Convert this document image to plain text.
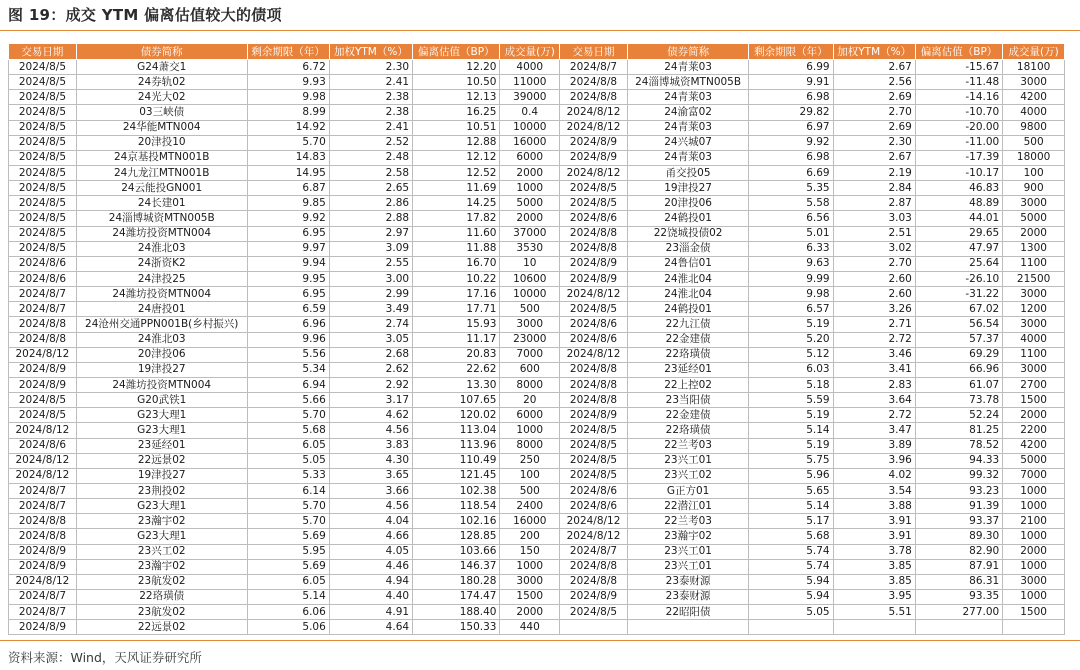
图 19：成交 YTM 偏离估值较大的债项
交易日期	债券简称	剩余期限（年）	加权YTM（%）	偏离估值（BP）	成交量(万)	交易日期	债券简称	剩余期限（年）	加权YTM（%）	偏离估值（BP）	成交量(万)
2024/8/5	G24萧交1	6.72	2.30	12.20	4000	2024/8/7	24青莱03	6.99	2.67	-15.67	18100
2024/8/5	24券轨02	9.93	2.41	10.50	11000	2024/8/8	24淄博城资MTN005B	9.91	2.56	-11.48	3000
2024/8/5	24光大02	9.98	2.38	12.13	39000	2024/8/8	24青莱03	6.98	2.69	-14.16	4200
2024/8/5	03三峡债	8.99	2.38	16.25	0.4	2024/8/12	24渝富02	29.82	2.70	-10.70	4000
2024/8/5	24华能MTN004	14.92	2.41	10.51	10000	2024/8/12	24青莱03	6.97	2.69	-20.00	9800
2024/8/5	20津投10	5.70	2.52	12.88	16000	2024/8/9	24兴城07	9.92	2.30	-11.00	500
2024/8/5	24京基投MTN001B	14.83	2.48	12.12	6000	2024/8/9	24青莱03	6.98	2.67	-17.39	18000
2024/8/5	24九龙江MTN001B	14.95	2.58	12.52	2000	2024/8/12	甬交投05	6.69	2.19	-10.17	100
2024/8/5	24云能投GN001	6.87	2.65	11.69	1000	2024/8/5	19津投27	5.35	2.84	46.83	900
2024/8/5	24长建01	9.85	2.86	14.25	5000	2024/8/5	20津投06	5.58	2.87	48.89	3000
2024/8/5	24淄博城资MTN005B	9.92	2.88	17.82	2000	2024/8/6	24鹤投01	6.56	3.03	44.01	5000
2024/8/5	24潍坊投资MTN004	6.95	2.97	11.60	37000	2024/8/8	22饶城投债02	5.01	2.51	29.65	2000
2024/8/5	24淮北03	9.97	3.09	11.88	3530	2024/8/8	23淄金债	6.33	3.02	47.97	1300
2024/8/6	24浙资K2	9.94	2.55	16.70	10	2024/8/9	24鲁信01	9.63	2.70	25.64	1100
2024/8/6	24津投25	9.95	3.00	10.22	10600	2024/8/9	24淮北04	9.99	2.60	-26.10	21500
2024/8/7	24潍坊投资MTN004	6.95	2.99	17.16	10000	2024/8/12	24淮北04	9.98	2.60	-31.22	3000
2024/8/7	24唐投01	6.59	3.49	17.71	500	2024/8/5	24鹤投01	6.57	3.26	67.02	1200
2024/8/8	24沧州交通PPN001B(乡村振兴)	6.96	2.74	15.93	3000	2024/8/6	22九江债	5.19	2.71	56.54	3000
2024/8/8	24淮北03	9.96	3.05	11.17	23000	2024/8/6	22金建债	5.20	2.72	57.37	4000
2024/8/12	20津投06	5.56	2.68	20.83	7000	2024/8/12	22珞璜债	5.12	3.46	69.29	1100
2024/8/9	19津投27	5.34	2.62	22.62	600	2024/8/8	23延经01	6.03	3.41	66.96	3000
2024/8/9	24潍坊投资MTN004	6.94	2.92	13.30	8000	2024/8/8	22上控02	5.18	2.83	61.07	2700
2024/8/5	G20武铁1	5.66	3.17	107.65	20	2024/8/8	23当阳债	5.59	3.64	73.78	1500
2024/8/5	G23大理1	5.70	4.62	120.02	6000	2024/8/9	22金建债	5.19	2.72	52.24	2000
2024/8/12	G23大理1	5.68	4.56	113.04	1000	2024/8/5	22珞璜债	5.14	3.47	81.25	2200
2024/8/6	23延经01	6.05	3.83	113.96	8000	2024/8/5	22兰考03	5.19	3.89	78.52	4200
2024/8/12	22远景02	5.05	4.30	110.49	250	2024/8/5	23兴工01	5.75	3.96	94.33	5000
2024/8/12	19津投27	5.33	3.65	121.45	100	2024/8/5	23兴工02	5.96	4.02	99.32	7000
2024/8/7	23荆投02	6.14	3.66	102.38	500	2024/8/6	G正方01	5.65	3.54	93.23	1000
2024/8/7	G23大理1	5.70	4.56	118.54	2400	2024/8/6	22潜江01	5.14	3.88	91.39	1000
2024/8/8	23瀚宇02	5.70	4.04	102.16	16000	2024/8/12	22兰考03	5.17	3.91	93.37	2100
2024/8/8	G23大理1	5.69	4.66	128.85	200	2024/8/12	23瀚宇02	5.68	3.91	89.30	1000
2024/8/9	23兴工02	5.95	4.05	103.66	150	2024/8/7	23兴工01	5.74	3.78	82.90	2000
2024/8/9	23瀚宇02	5.69	4.46	146.37	1000	2024/8/8	23兴工01	5.74	3.85	87.91	1000
2024/8/12	23航发02	6.05	4.94	180.28	3000	2024/8/8	23泰财源	5.94	3.85	86.31	3000
2024/8/7	22珞璜债	5.14	4.40	174.47	1500	2024/8/9	23泰财源	5.94	3.95	93.35	1000
2024/8/7	23航发02	6.06	4.91	188.40	2000	2024/8/5	22昭阳债	5.05	5.51	277.00	1500
2024/8/9	22远景02	5.06	4.64	150.33	440						
资料来源：Wind，天风证券研究所
